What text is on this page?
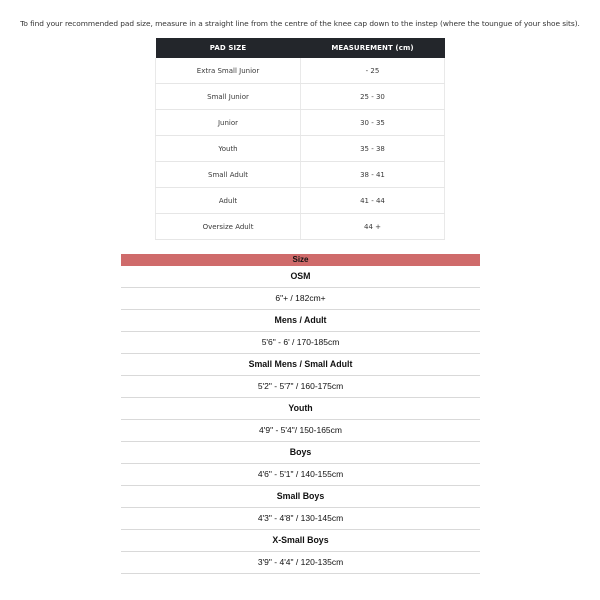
To find your recommended pad size, measure in a straight line from the centre of the knee cap down to the instep (where the toungue of your shoe sits).
PAD SIZE	MEASUREMENT (cm)
Extra Small Junior	- 25
Small Junior	25 - 30
Junior	30 - 35
Youth	35 - 38
Small Adult	38 - 41
Adult	41 - 44
Oversize Adult	44 +
Size
OSM
6"+ / 182cm+
Mens / Adult
5'6" - 6' / 170-185cm
Small Mens / Small Adult
5'2" - 5'7" / 160-175cm
Youth
4'9" - 5'4"/ 150-165cm
Boys
4'6" - 5'1" / 140-155cm
Small Boys
4'3" - 4'8" / 130-145cm
X-Small Boys
3'9" - 4'4" / 120-135cm
